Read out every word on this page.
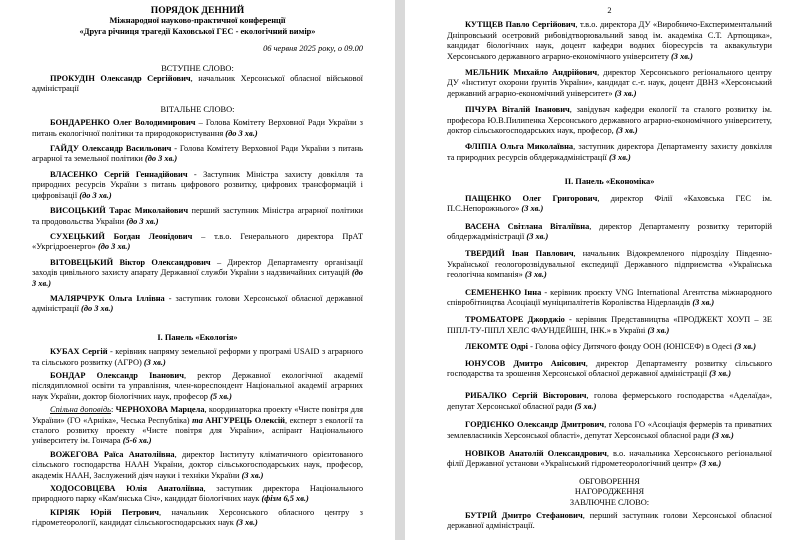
ПОРЯДОК ДЕННИЙ

Міжнародної науково-практичної конференції

«Друга річниця трагедії Каховської ГЕС - екологічний вимір»

06 червня 2025 року, о 09.00

ВСТУПНЕ СЛОВО:

ПРОКУДІН Олександр Сергійович, начальник Херсонської обласної військової адміністрації

ВІТАЛЬНЕ СЛОВО:

БОНДАРЕНКО Олег Володимирович – Голова Комітету Верховної Ради України з питань екологічної політики та природокористування (до 3 хв.)

ГАЙДУ Олександр Васильович - Голова Комітету Верховної Ради України з питань аграрної та земельної політики (до 3 хв.)

ВЛАСЕНКО Сергій Геннадійович - Заступник Міністра захисту довкілля та природних ресурсів України з питань цифрового розвитку, цифрових трансформацій і цифровізації (до 3 хв.)

ВИСОЦЬКИЙ Тарас Миколайович перший заступник Міністра аграрної політики та продовольства України (до 3 хв.)

СУХЕЦЬКИЙ Богдан Леонідович – т.в.о. Генерального директора ПрАТ «Укргідроенерго» (до 3 хв.)

ВІТОВЕЦЬКИЙ Віктор Олександрович – Директор Департаменту організації заходів цивільного захисту апарату Державної служби України з надзвичайних ситуацій (до 3 хв.)

МАЛЯРЧРУК Ольга Іллівна - заступник голови Херсонської обласної державної адміністрації (до 3 хв.)

І. Панель «Екологія»

КУБАХ Сергій - керівник напряму земельної реформи у програмі USAID з аграрного та сільського розвитку (АГРО) (3 хв.)

БОНДАР Олександр Іванович, ректор Державної екологічної академії післядипломної освіти та управління, член-кореспондент Національної академії аграрних наук України, доктор біологічних наук, професор (5 хв.)

Спільна доповідь: ЧЕРНОХОВА Марцела, координаторка проекту «Чисте повітря для України» (ГО «Арніка», Чеська Республіка) та АНГУРЕЦЬ Олексій, експерт з екології та сталого розвитку проекту «Чисте повітря для України», аспірант Національного університету ім. Гончара (5-6 хв.)

ВОЖЕГОВА Раїса Анатоліївна, директор Інституту кліматичного орієнтованого сільського господарства НААН України, доктор сільськогосподарських наук, професор, академік НААН, Заслужений діяч науки і техніки України (3 хв.)

ХОДОСОВЦЕВА Юлія Анатоліївна, заступник директора Національного природного парку «Кам'янська Січ», кандидат біологічних наук (фізм 6,5 хв.)

КІРІЯК Юрій Петрович, начальник Херсонського обласного центру з гідрометеорології, кандидат сільськогосподарських наук (3 хв.)

2

КУТЩЕВ Павло Сергійович, т.в.о. директора ДУ «Виробничо-Експериментальний Дніпровський осетровий рибовідтворювальний завод ім. академіка С.Т. Артющика», кандидат біологічних наук, доцент кафедри водних біоресурсів та аквакультури Херсонського державного аграрно-економічного університету (3 хв.)

МЕЛЬНИК Михайло Андрійович, директор Херсонського регіонального центру ДУ «Інститут охорони ґрунтів України», кандидат с.-г. наук, доцент ДВНЗ «Херсонський державний аграрно-економічний університет» (3 хв.)

ПІЧУРА Віталій Іванович, завідувач кафедри екології та сталого розвитку ім. професора Ю.В.Пилипенка Херсонського державного аграрно-економічного університету, доктор сільськогосподарських наук, професор, (3 хв.)

ФЛІПІА Ольга Миколаївна, заступник директора Департаменту захисту довкілля та природних ресурсів облдержадміністрації (3 хв.)

ІІ. Панель «Економіка»

ПАЩЕНКО Олег Григорович, директор Філії «Каховська ГЕС ім. П.С.Непорожнього» (3 хв.)

ВАСЕНА Світлана Віталіївна, директор Департаменту розвитку територій облдержадміністрації (3 хв.)

ТВЕРДИЙ Іван Павлович, начальник Відокремленого підрозділу Південно-Української геологорозвідувальної експедиції Державного підприємства «Українська геологічна компанія» (3 хв.)

СЕМЕНЕНКО Інна - керівник проєкту VNG International Агентства міжнародного співробітництва Асоціації муніципалітетів Королівства Нідерландів (3 хв.)

ТРОМБАТОРЕ Джорджіо - керівник Представництва «ПРОДЖЕКТ ХОУП – ЗЕ ПІПЛ-ТУ-ПІПЛ ХЕЛС ФАУНДЕЙШН, ІНК.» в Україні (3 хв.)

ЛЕКОМТЕ Одрі - Голова офісу Дитячого фонду ООН (ЮНІСЕФ) в Одесі (3 хв.)

ЮНУСОВ Дмитро Анісович, директор Департаменту розвитку сільського господарства та зрошення Херсонської обласної державної адміністрації (3 хв.)

РИБАЛКО Сергій Вікторович, голова фермерського господарства «Аделаїда», депутат Херсонської обласної ради (5 хв.)

ГОРДІЄНКО Олександр Дмитрович, голова ГО «Асоціація фермерів та приватних землевласників Херсонської області», депутат Херсонської обласної ради (3 хв.)

НОВІКОВ Анатолій Олександрович, в.о. начальника Херсонського регіональної філії Державної установи «Український гідрометеорологічний центр» (3 хв.)

ОБГОВОРЕННЯ

НАГОРОДЖЕННЯ

ЗАВЛЮЧНЕ СЛОВО:

БУТРІЙ Дмитро Стефанович, перший заступник голови Херсонської обласної державної адміністрації.
